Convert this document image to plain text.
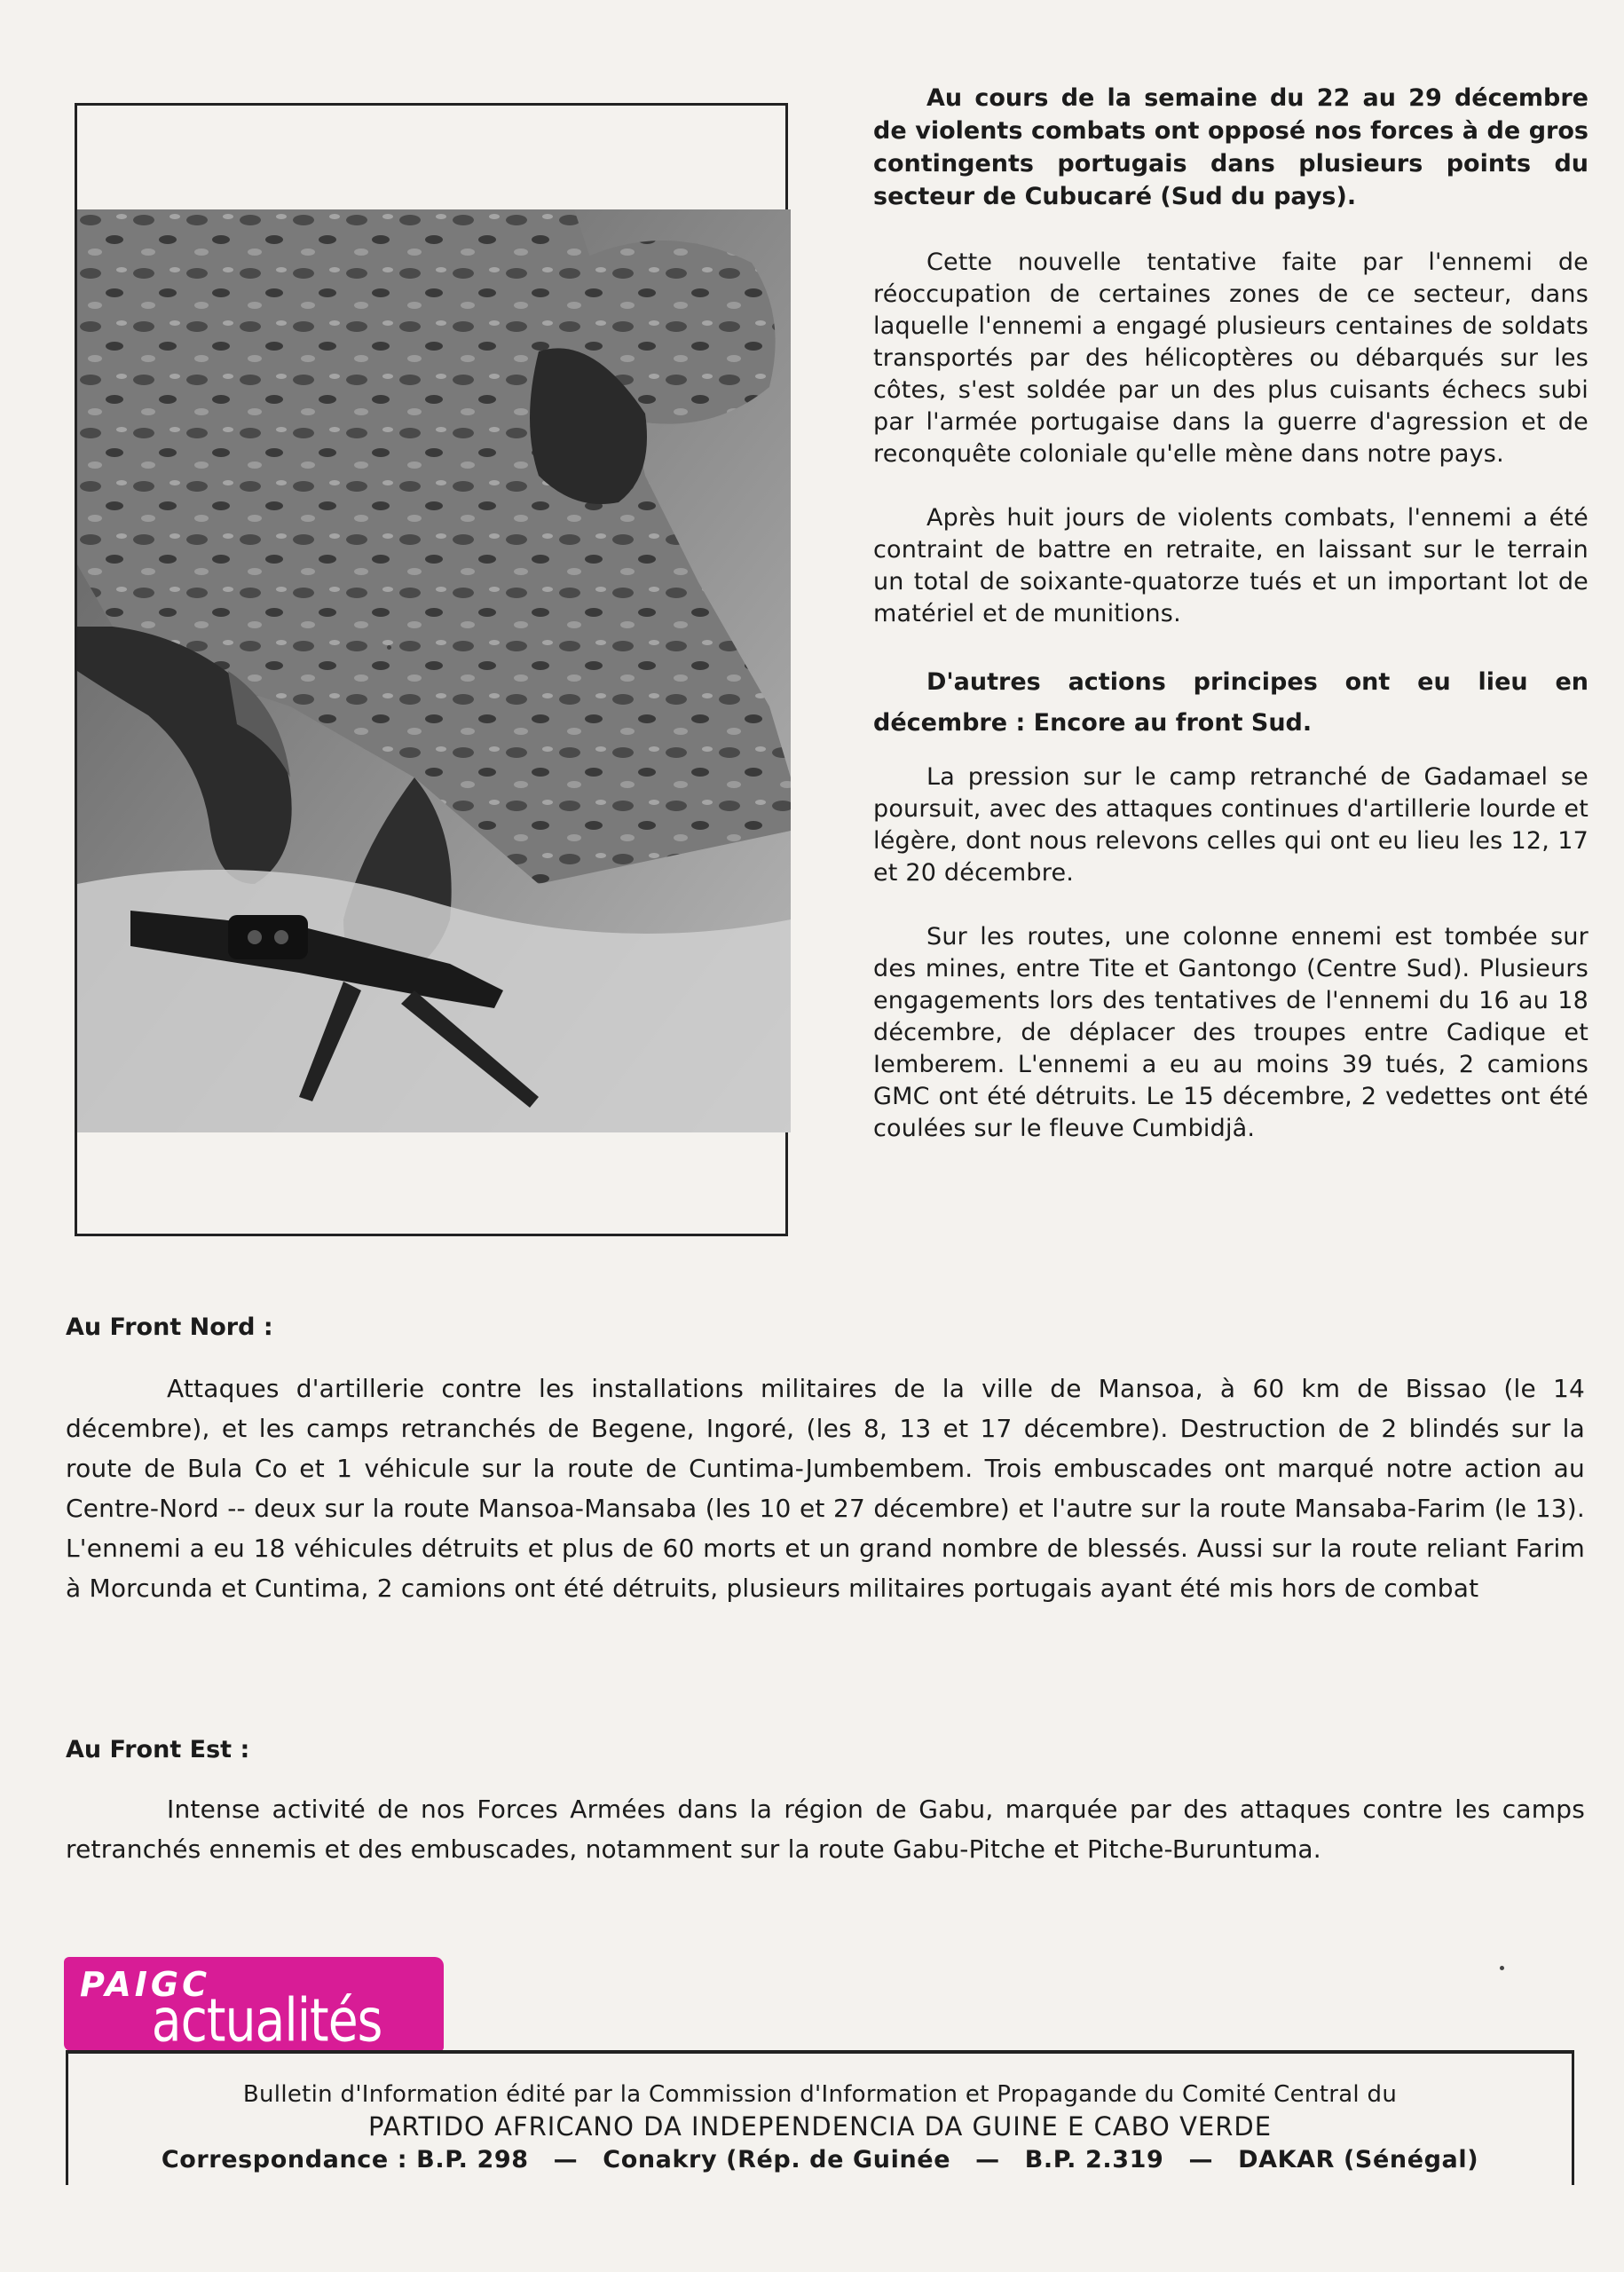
Au cours de la semaine du 22 au 29 décembre de violents combats ont opposé nos forces à de gros contingents portugais dans plusieurs points du secteur de Cubucaré (Sud du pays).

Cette nouvelle tentative faite par l'ennemi de réoccupation de certaines zones de ce secteur, dans laquelle l'ennemi a engagé plusieurs centaines de soldats transportés par des hélicoptères ou débarqués sur les côtes, s'est soldée par un des plus cuisants échecs subi par l'armée portugaise dans la guerre d'agression et de reconquête coloniale qu'elle mène dans notre pays.

Après huit jours de violents combats, l'ennemi a été contraint de battre en retraite, en laissant sur le terrain un total de soixante-quatorze tués et un important lot de matériel et de munitions.

D'autres actions principes ont eu lieu en décembre : Encore au front Sud.

La pression sur le camp retranché de Gadamael se poursuit, avec des attaques continues d'artillerie lourde et légère, dont nous relevons celles qui ont eu lieu les 12, 17 et 20 décembre.

Sur les routes, une colonne ennemi est tombée sur des mines, entre Tite et Gantongo (Centre Sud). Plusieurs engagements lors des tentatives de l'ennemi du 16 au 18 décembre, de déplacer des troupes entre Cadique et Iemberem. L'ennemi a eu au moins 39 tués, 2 camions GMC ont été détruits. Le 15 décembre, 2 vedettes ont été coulées sur le fleuve Cumbidjâ.

Au Front Nord :

Attaques d'artillerie contre les installations militaires de la ville de Mansoa, à 60 km de Bissao (le 14 décembre), et les camps retranchés de Begene, Ingoré, (les 8, 13 et 17 décembre). Destruction de 2 blindés sur la route de Bula Co et 1 véhicule sur la route de Cuntima-Jumbembem. Trois embuscades ont marqué notre action au Centre-Nord -- deux sur la route Mansoa-Mansaba (les 10 et 27 décembre) et l'autre sur la route Mansaba-Farim (le 13). L'ennemi a eu 18 véhicules détruits et plus de 60 morts et un grand nombre de blessés. Aussi sur la route reliant Farim à Morcunda et Cuntima, 2 camions ont été détruits, plusieurs militaires portugais ayant été mis hors de combat

Au Front Est :

Intense activité de nos Forces Armées dans la région de Gabu, marquée par des attaques contre les camps retranchés ennemis et des embuscades, notamment sur la route Gabu-Pitche et Pitche-Buruntuma.

PAIGC
actualités
Bulletin d'Information édité par la Commission d'Information et Propagande du Comité Central du
PARTIDO AFRICANO DA INDEPENDENCIA DA GUINE E CABO VERDE
Correspondance : B.P. 298 — Conakry (Rép. de Guinée — B.P. 2.319 — DAKAR (Sénégal)
